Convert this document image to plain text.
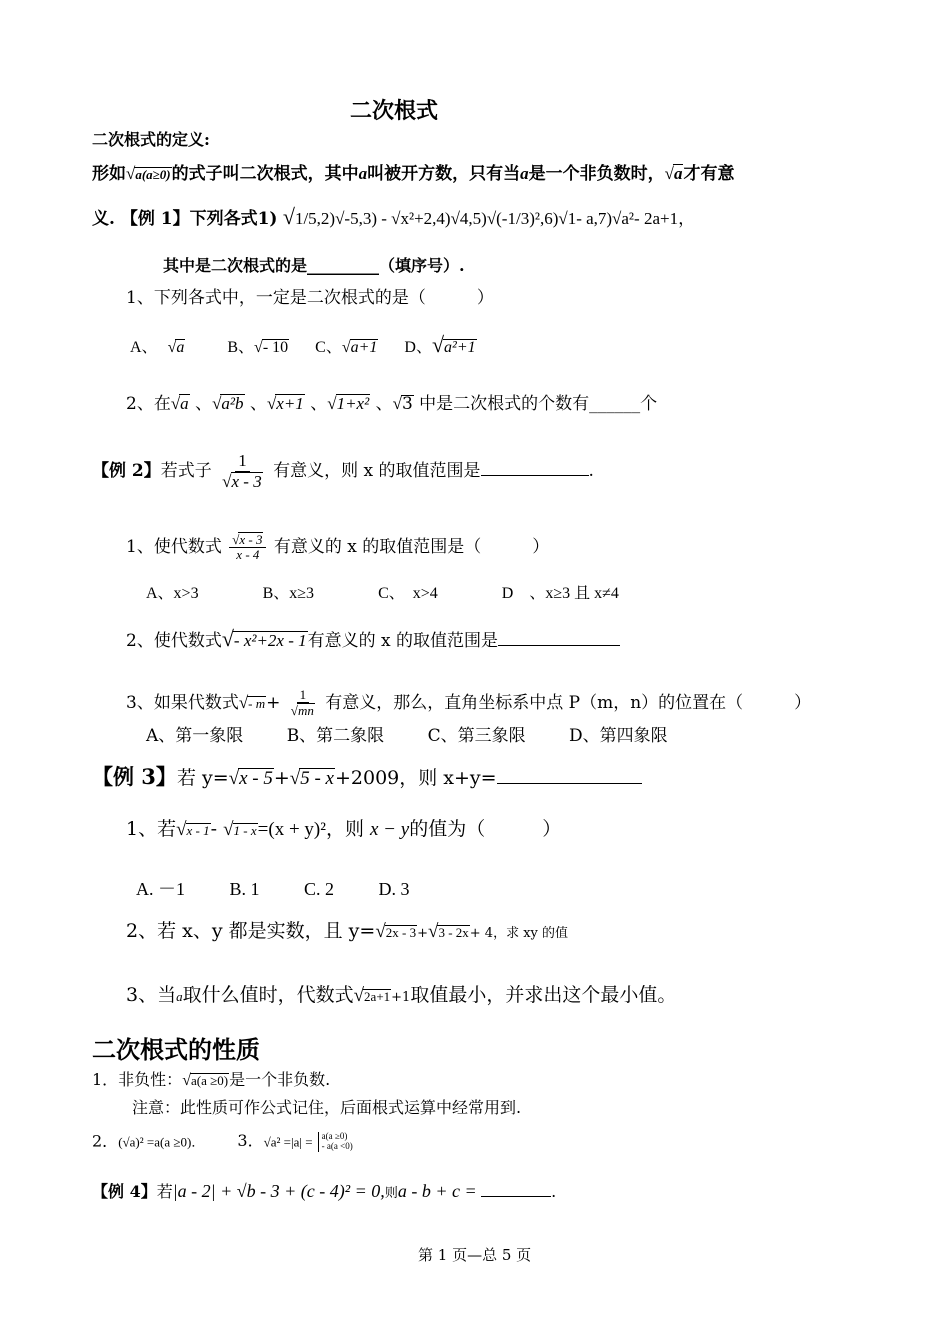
二次根式
二次根式的定义:
形如√a(a≥0)的式子叫二次根式，其中a叫被开方数，只有当a是一个非负数时，√a才有意
义. 【例 1】下列各式1) √1/5,2)√-5,3) - √x²+2,4)√4,5)√(-1/3)²,6)√1- a,7)√a²- 2a+1，
其中是二次根式的是_________（填序号）.
1、下列各式中，一定是二次根式的是（　　　）
A、 √a	B、√- 10 C、√a+1 D、√a²+1
2、在√a 、√a²b 、√x+1 、√1+x² 、√3 中是二次根式的个数有______个
【例 2】若式子 $\frac{1}{√x - 3}$ 有意义，则 x 的取值范围是	.
1、使代数式 $\frac{√x - 3}{x - 4}$ 有意义的 x 的取值范围是（　　　）
A、x>3	B、x≥3	C、　x>4	D　、x≥3 且 x≠4
2、使代数式√- x²+2x - 1有意义的 x 的取值范围是
3、如果代数式√- $m+ \frac{1}{√mn}$ 有意义，那么，直角坐标系中点 P（m，n）的位置在（　　　）
A、第一象限	B、第二象限	C、第三象限	D、第四象限
【例 3】若 y=√x - 5+√5 - x+2009，则 x+y=
1、若√x - 1- √1 - x=(x + y)²，则 x − y的值为（　　　）
A. －1 B. 1 C. 2 D. 3
2、若 x、y 都是实数，且 y=√2x - 3+√3 - 2x+ 4，求 xy 的值
3、当a取什么值时，代数式√2a+1+1取值最小，并求出这个最小值。
二次根式的性质
1．非负性：√a(a ≥0)是一个非负数.
注意：此性质可作公式记住，后面根式运算中经常用到.
2．(√a)² =a(a ≥0)． 3．√a² =|a| = a(a ≥0)
- a(a <0)
【例 4】若|a - 2| + √b - 3 + (c - 4)² = 0,则a - b + c =	.
第 1 页—总 5 页
